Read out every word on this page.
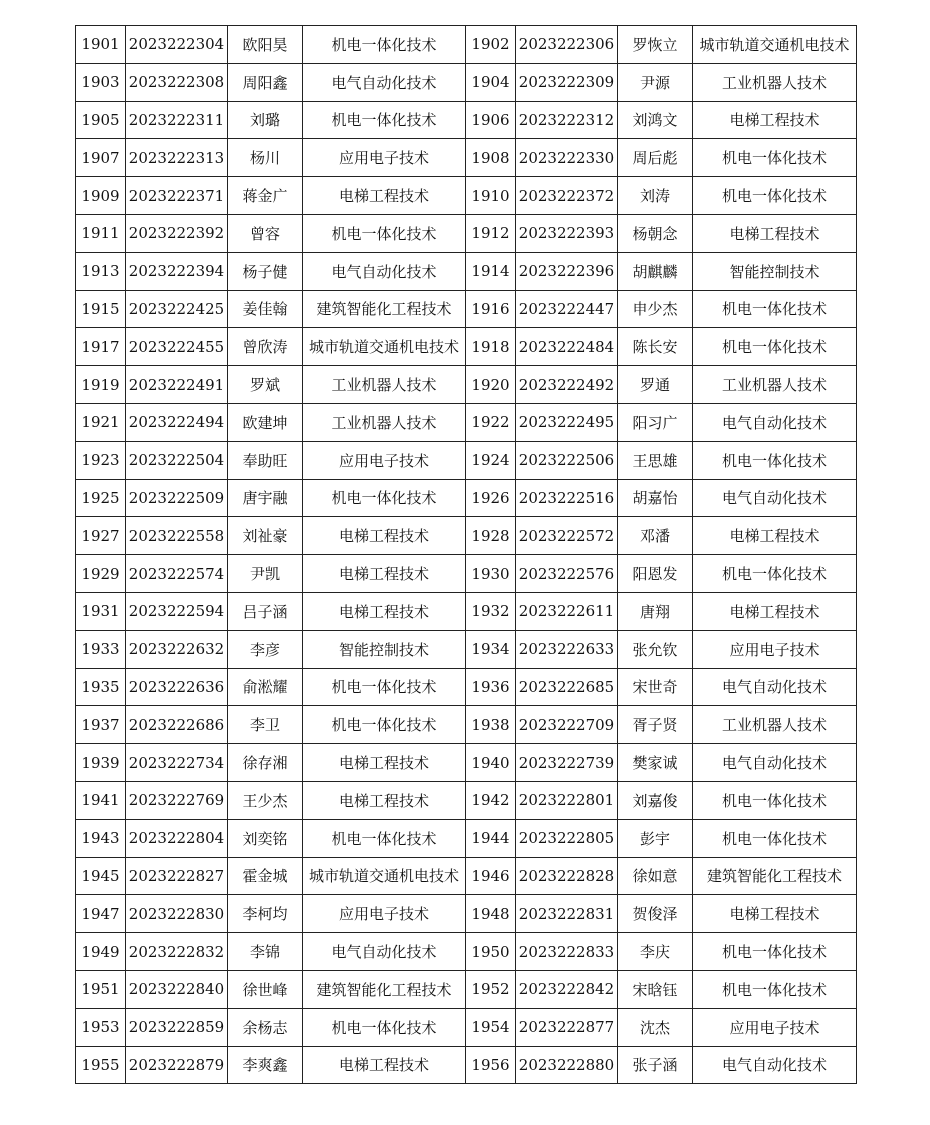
1901	2023222304	欧阳昊	机电一体化技术	1902	2023222306	罗恢立	城市轨道交通机电技术
1903	2023222308	周阳鑫	电气自动化技术	1904	2023222309	尹源	工业机器人技术
1905	2023222311	刘璐	机电一体化技术	1906	2023222312	刘鸿文	电梯工程技术
1907	2023222313	杨川	应用电子技术	1908	2023222330	周后彪	机电一体化技术
1909	2023222371	蒋金广	电梯工程技术	1910	2023222372	刘涛	机电一体化技术
1911	2023222392	曾容	机电一体化技术	1912	2023222393	杨朝念	电梯工程技术
1913	2023222394	杨子健	电气自动化技术	1914	2023222396	胡麒麟	智能控制技术
1915	2023222425	姜佳翰	建筑智能化工程技术	1916	2023222447	申少杰	机电一体化技术
1917	2023222455	曾欣涛	城市轨道交通机电技术	1918	2023222484	陈长安	机电一体化技术
1919	2023222491	罗斌	工业机器人技术	1920	2023222492	罗通	工业机器人技术
1921	2023222494	欧建坤	工业机器人技术	1922	2023222495	阳习广	电气自动化技术
1923	2023222504	奉助旺	应用电子技术	1924	2023222506	王思雄	机电一体化技术
1925	2023222509	唐宇融	机电一体化技术	1926	2023222516	胡嘉怡	电气自动化技术
1927	2023222558	刘祉豪	电梯工程技术	1928	2023222572	邓潘	电梯工程技术
1929	2023222574	尹凯	电梯工程技术	1930	2023222576	阳恩发	机电一体化技术
1931	2023222594	吕子涵	电梯工程技术	1932	2023222611	唐翔	电梯工程技术
1933	2023222632	李彦	智能控制技术	1934	2023222633	张允钦	应用电子技术
1935	2023222636	俞淞耀	机电一体化技术	1936	2023222685	宋世奇	电气自动化技术
1937	2023222686	李卫	机电一体化技术	1938	2023222709	胥子贤	工业机器人技术
1939	2023222734	徐存湘	电梯工程技术	1940	2023222739	樊家诚	电气自动化技术
1941	2023222769	王少杰	电梯工程技术	1942	2023222801	刘嘉俊	机电一体化技术
1943	2023222804	刘奕铭	机电一体化技术	1944	2023222805	彭宇	机电一体化技术
1945	2023222827	霍金城	城市轨道交通机电技术	1946	2023222828	徐如意	建筑智能化工程技术
1947	2023222830	李柯均	应用电子技术	1948	2023222831	贺俊泽	电梯工程技术
1949	2023222832	李锦	电气自动化技术	1950	2023222833	李庆	机电一体化技术
1951	2023222840	徐世峰	建筑智能化工程技术	1952	2023222842	宋晗钰	机电一体化技术
1953	2023222859	余杨志	机电一体化技术	1954	2023222877	沈杰	应用电子技术
1955	2023222879	李爽鑫	电梯工程技术	1956	2023222880	张子涵	电气自动化技术
